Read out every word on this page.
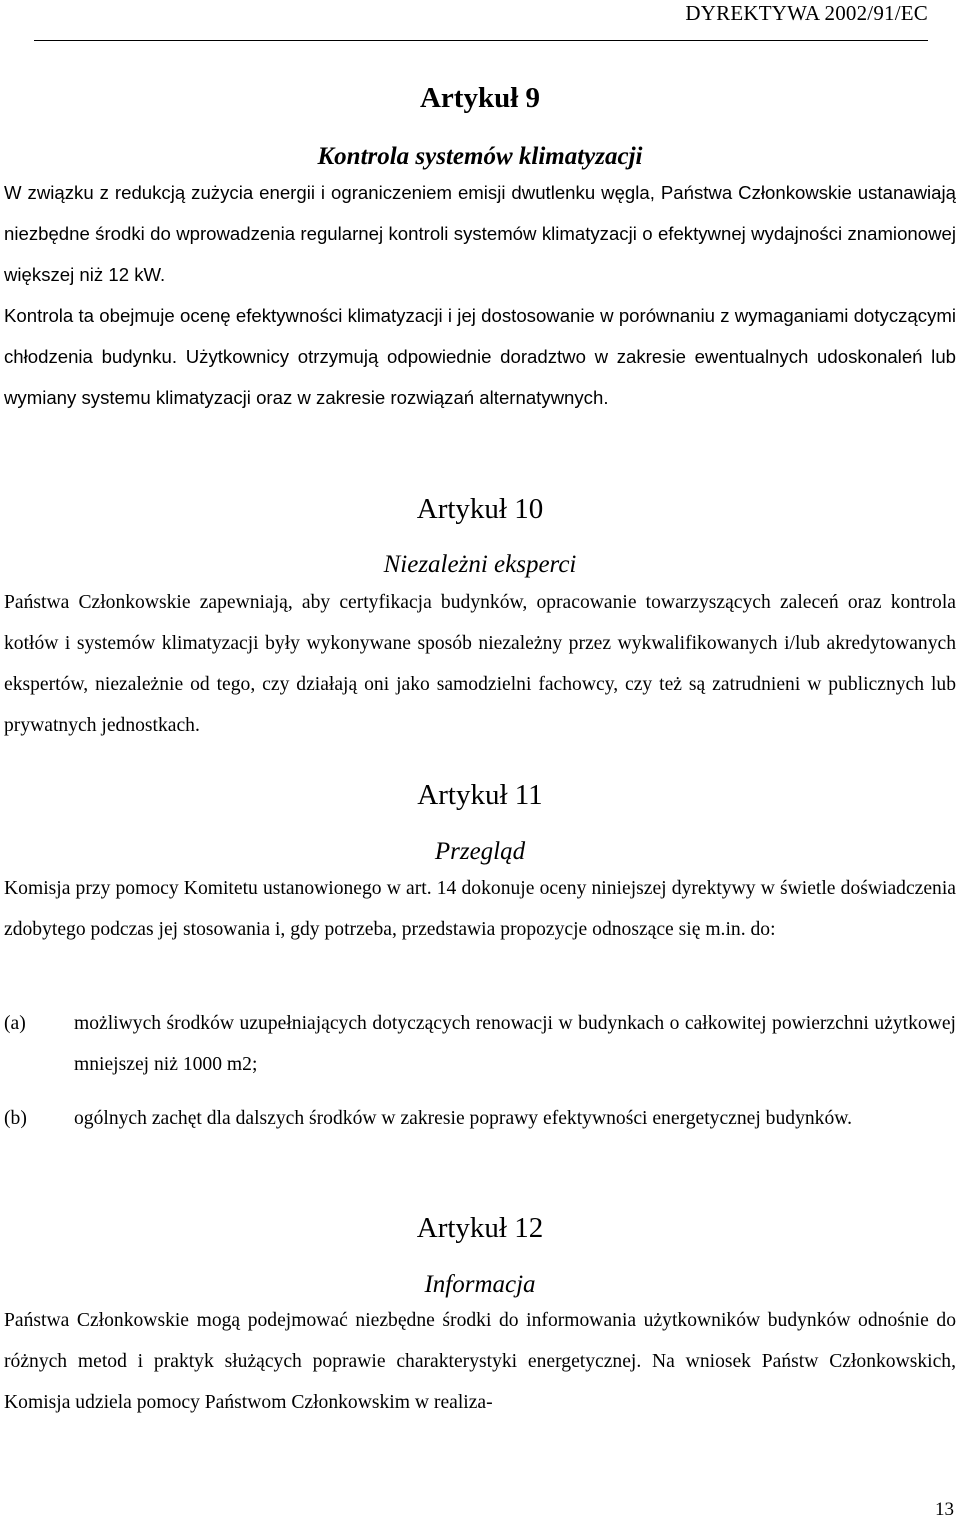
DYREKTYWA 2002/91/EC
Artykuł 9
Kontrola systemów klimatyzacji

W związku z redukcją zużycia energii i ograniczeniem emisji dwutlenku węgla, Państwa Członkowskie ustanawiają niezbędne środki do wprowadzenia regularnej kontroli systemów klimatyzacji o efektywnej wydajności znamionowej większej niż 12 kW.

Kontrola ta obejmuje ocenę efektywności klimatyzacji i jej dostosowanie w porównaniu z wymaganiami dotyczącymi chłodzenia budynku. Użytkownicy otrzymują odpowiednie doradztwo w zakresie ewentualnych udoskonaleń lub wymiany systemu klimatyzacji oraz w zakresie rozwiązań alternatywnych.

Artykuł 10
Niezależni eksperci

Państwa Członkowskie zapewniają, aby certyfikacja budynków, opracowanie towarzyszących zaleceń oraz kontrola kotłów i systemów klimatyzacji były wykonywane sposób niezależny przez wykwalifikowanych i/lub akredytowanych ekspertów, niezależnie od tego, czy działają oni jako samodzielni fachowcy, czy też są zatrudnieni w publicznych lub prywatnych jednostkach.

Artykuł 11
Przegląd

Komisja przy pomocy Komitetu ustanowionego w art. 14 dokonuje oceny niniejszej dyrektywy w świetle doświadczenia zdobytego podczas jej stosowania i, gdy potrzeba, przedstawia propozycje odnoszące się m.in. do:

(a) możliwych środków uzupełniających dotyczących renowacji w budynkach o całkowitej powierzchni użytkowej mniejszej niż 1000 m2;
(b) ogólnych zachęt dla dalszych środków w zakresie poprawy efektywności energetycznej budynków.
Artykuł 12
Informacja

Państwa Członkowskie mogą podejmować niezbędne środki do informowania użytkowników budynków odnośnie do różnych metod i praktyk służących poprawie charakterystyki energetycznej. Na wniosek Państw Członkowskich, Komisja udziela pomocy Państwom Członkowskim w realiza-

13
